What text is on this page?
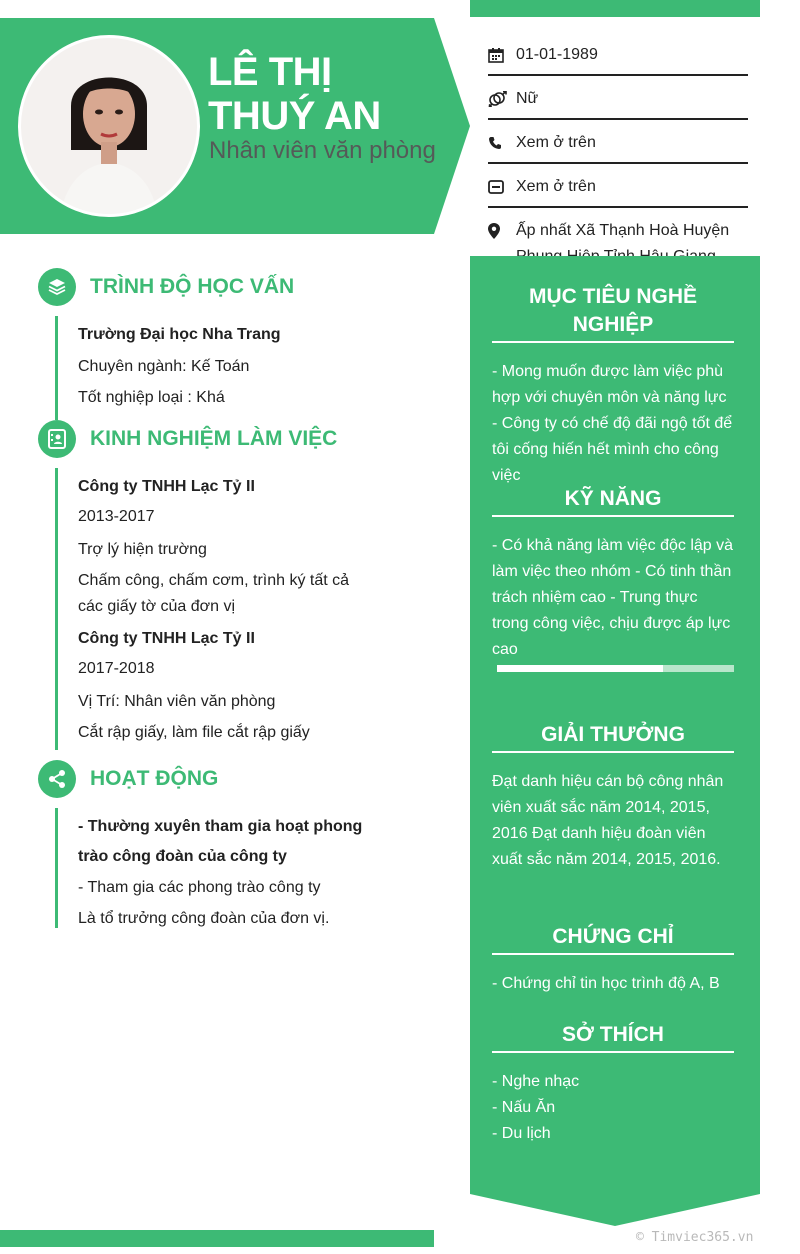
LÊ THỊ THUÝ AN
Nhân viên văn phòng
01-01-1989
Nữ
Xem ở trên
Xem ở trên
Ấp nhất Xã Thạnh Hoà Huyện
MỤC TIÊU NGHỀ NGHIỆP
- Mong muốn được làm việc phù hợp với chuyên môn và năng lực - Công ty có chế độ đãi ngộ tốt để tôi cống hiến hết mình cho công việc
KỸ NĂNG
- Có khả năng làm việc độc lập và làm việc theo nhóm - Có tinh thần trách nhiệm cao - Trung thực trong công việc, chịu được áp lực cao
GIẢI THƯỞNG
Đạt danh hiệu cán bộ công nhân viên xuất sắc năm 2014, 2015, 2016 Đạt danh hiệu đoàn viên xuất sắc năm 2014, 2015, 2016.
CHỨNG CHỈ
- Chứng chỉ tin học trình độ A, B
SỞ THÍCH
- Nghe nhạc
- Nấu Ăn
- Du lịch
TRÌNH ĐỘ HỌC VẤN
Trường Đại học Nha Trang
Chuyên ngành: Kế Toán
Tốt nghiệp loại : Khá
KINH NGHIỆM LÀM VIỆC
Công ty TNHH Lạc Tỷ II
2013-2017
Trợ lý hiện trường
Chấm công, chấm cơm, trình ký tất cả các giấy tờ của đơn vị
Công ty TNHH Lạc Tỷ II
2017-2018
Vị Trí: Nhân viên văn phòng
Cắt rập giấy, làm file cắt rập giấy
HOẠT ĐỘNG
- Thường xuyên tham gia hoạt phong trào công đoàn của công ty
- Tham gia các phong trào công ty
Là tổ trưởng công đoàn của đơn vị.
© Timviec365.vn
